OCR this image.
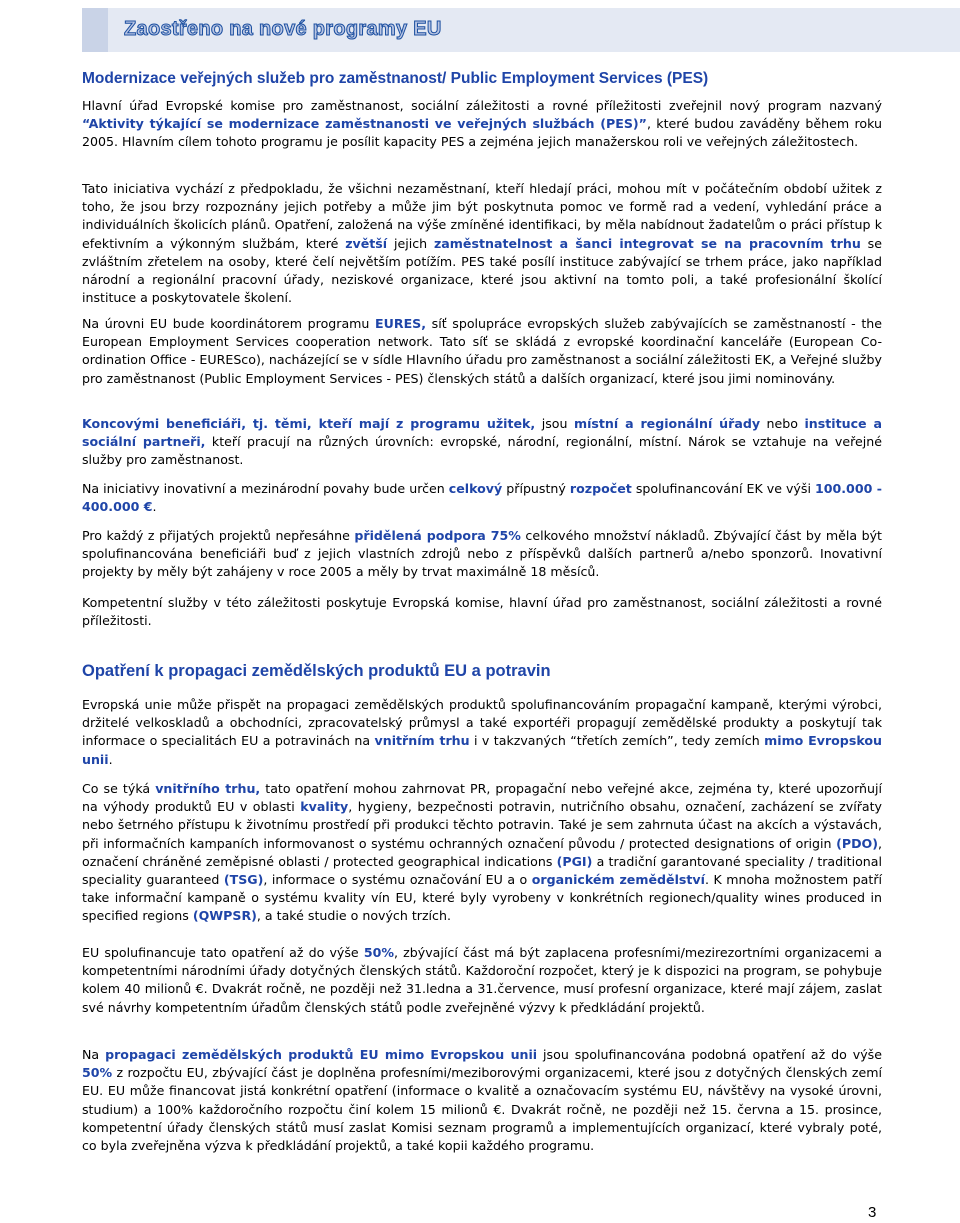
Zaostřeno na nové programy EU
Modernizace veřejných služeb pro zaměstnanost/ Public Employment Services (PES)

Hlavní úřad Evropské komise pro zaměstnanost, sociální záležitosti a rovné příležitosti zveřejnil nový program nazvaný “Aktivity týkající se modernizace zaměstnanosti ve veřejných službách (PES)”, které budou zaváděny během roku 2005. Hlavním cílem tohoto programu je posílit kapacity PES a zejména jejich manažerskou roli ve veřejných záležitostech.

Tato iniciativa vychází z předpokladu, že všichni nezaměstnaní, kteří hledají práci, mohou mít v počátečním období užitek z toho, že jsou brzy rozpoznány jejich potřeby a může jim být poskytnuta pomoc ve formě rad a vedení, vyhledání práce a individuálních školicích plánů. Opatření, založená na výše zmíněné identifikaci, by měla nabídnout žadatelům o práci přístup k efektivním a výkonným službám, které zvětší jejich zaměstnatelnost a šanci integrovat se na pracovním trhu se zvláštním zřetelem na osoby, které čelí největším potížím. PES také posílí instituce zabývající se trhem práce, jako například národní a regionální pracovní úřady, neziskové organizace, které jsou aktivní na tomto poli, a také profesionální školící instituce a poskytovatele školení.

Na úrovni EU bude koordinátorem programu EURES, síť spolupráce evropských služeb zabývajících se zaměstnaností - the European Employment Services cooperation network. Tato síť se skládá z evropské koordinační kanceláře (European Co-ordination Office - EURESco), nacházející se v sídle Hlavního úřadu pro zaměstnanost a sociální záležitosti EK, a Veřejné služby pro zaměstnanost (Public Employment Services - PES) členských států a dalších organizací, které jsou jimi nominovány.

Koncovými beneficiáři, tj. těmi, kteří mají z programu užitek, jsou místní a regionální úřady nebo instituce a sociální partneři, kteří pracují na různých úrovních: evropské, národní, regionální, místní. Nárok se vztahuje na veřejné služby pro zaměstnanost.

Na iniciativy inovativní a mezinárodní povahy bude určen celkový přípustný rozpočet spolufinancování EK ve výši 100.000 - 400.000 €.

Pro každý z přijatých projektů nepřesáhne přidělená podpora 75% celkového množství nákladů. Zbývající část by měla být spolufinancována beneficiáři buď z jejich vlastních zdrojů nebo z příspěvků dalších partnerů a/nebo sponzorů. Inovativní projekty by měly být zahájeny v roce 2005 a měly by trvat maximálně 18 měsíců.

Kompetentní služby v této záležitosti poskytuje Evropská komise, hlavní úřad pro zaměstnanost, sociální záležitosti a rovné příležitosti.

Opatření k propagaci zemědělských produktů EU a potravin

Evropská unie může přispět na propagaci zemědělských produktů spolufinancováním propagační kampaně, kterými výrobci, držitelé velkoskladů a obchodníci, zpracovatelský průmysl a také exportéři propagují zemědělské produkty a poskytují tak informace o specialitách EU a potravinách na vnitřním trhu i v takzvaných “třetích zemích”, tedy zemích mimo Evropskou unii.

Co se týká vnitřního trhu, tato opatření mohou zahrnovat PR, propagační nebo veřejné akce, zejména ty, které upozorňují na výhody produktů EU v oblasti kvality, hygieny, bezpečnosti potravin, nutričního obsahu, označení, zacházení se zvířaty nebo šetrného přístupu k životnímu prostředí při produkci těchto potravin. Také je sem zahrnuta účast na akcích a výstavách, při informačních kampaních informovanost o systému ochranných označení původu / protected designations of origin (PDO), označení chráněné zeměpisné oblasti / protected geographical indications (PGI) a tradiční garantované speciality / traditional speciality guaranteed (TSG), informace o systému označování EU a o organickém zemědělství. K mnoha možnostem patří take informační kampaně o systému kvality vín EU, které byly vyrobeny v konkrétních regionech/quality wines produced in specified regions (QWPSR), a také studie o nových trzích.

EU spolufinancuje tato opatření až do výše 50%, zbývající část má být zaplacena profesními/mezirezortními organizacemi a kompetentními národními úřady dotyčných členských států. Každoroční rozpočet, který je k dispozici na program, se pohybuje kolem 40 milionů €. Dvakrát ročně, ne později než 31.ledna a 31.července, musí profesní organizace, které mají zájem, zaslat své návrhy kompetentním úřadům členských států podle zveřejněné výzvy k předkládání projektů.

Na propagaci zemědělských produktů EU mimo Evropskou unii jsou spolufinancována podobná opatření až do výše 50% z rozpočtu EU, zbývající část je doplněna profesními/meziborovými organizacemi, které jsou z dotyčných členských zemí EU. EU může financovat jistá konkrétní opatření (informace o kvalitě a označovacím systému EU, návštěvy na vysoké úrovni, studium) a 100% každoročního rozpočtu činí kolem 15 milionů €. Dvakrát ročně, ne později než 15. června a 15. prosince, kompetentní úřady členských států musí zaslat Komisi seznam programů a implementujících organizací, které vybraly poté, co byla zveřejněna výzva k předkládání projektů, a také kopii každého programu.

3
